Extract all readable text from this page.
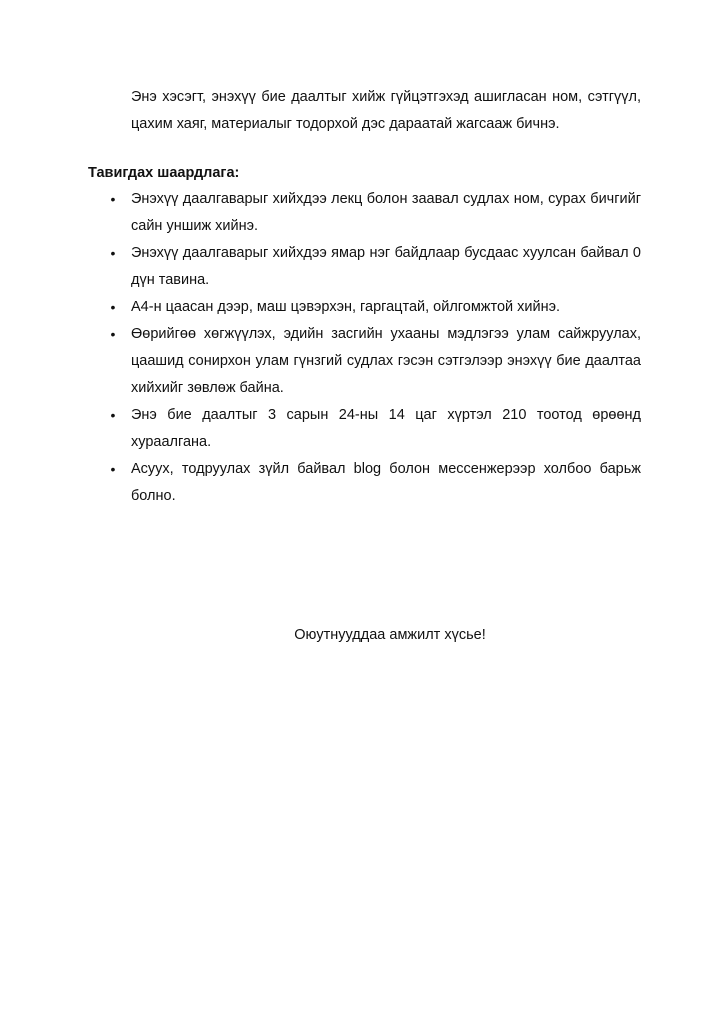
Энэ хэсэгт, энэхүү бие даалтыг хийж гүйцэтгэхэд ашигласан ном, сэтгүүл, цахим хаяг, материалыг тодорхой дэс дараатай жагсааж бичнэ.
Тавигдах шаардлага:
• Энэхүү даалгаварыг хийхдээ лекц болон заавал судлах ном, сурах бичгийг сайн уншиж хийнэ.
• Энэхүү даалгаварыг хийхдээ ямар нэг байдлаар бусдаас хуулсан байвал 0 дүн тавина.
• А4-н цаасан дээр, маш цэвэрхэн, гаргацтай, ойлгомжтой хийнэ.
• Өөрийгөө хөгжүүлэх, эдийн засгийн ухааны мэдлэгээ улам сайжруулах, цаашид сонирхон улам гүнзгий судлах гэсэн сэтгэлээр энэхүү бие даалтаа хийхийг зөвлөж байна.
• Энэ бие даалтыг 3 сарын 24-ны 14 цаг хүртэл 210 тоотод өрөөнд хураалгана.
• Асуух, тодруулах зүйл байвал blog болон мессенжерээр холбоо барьж болно.
Оюутнууддаа амжилт хүсье!
